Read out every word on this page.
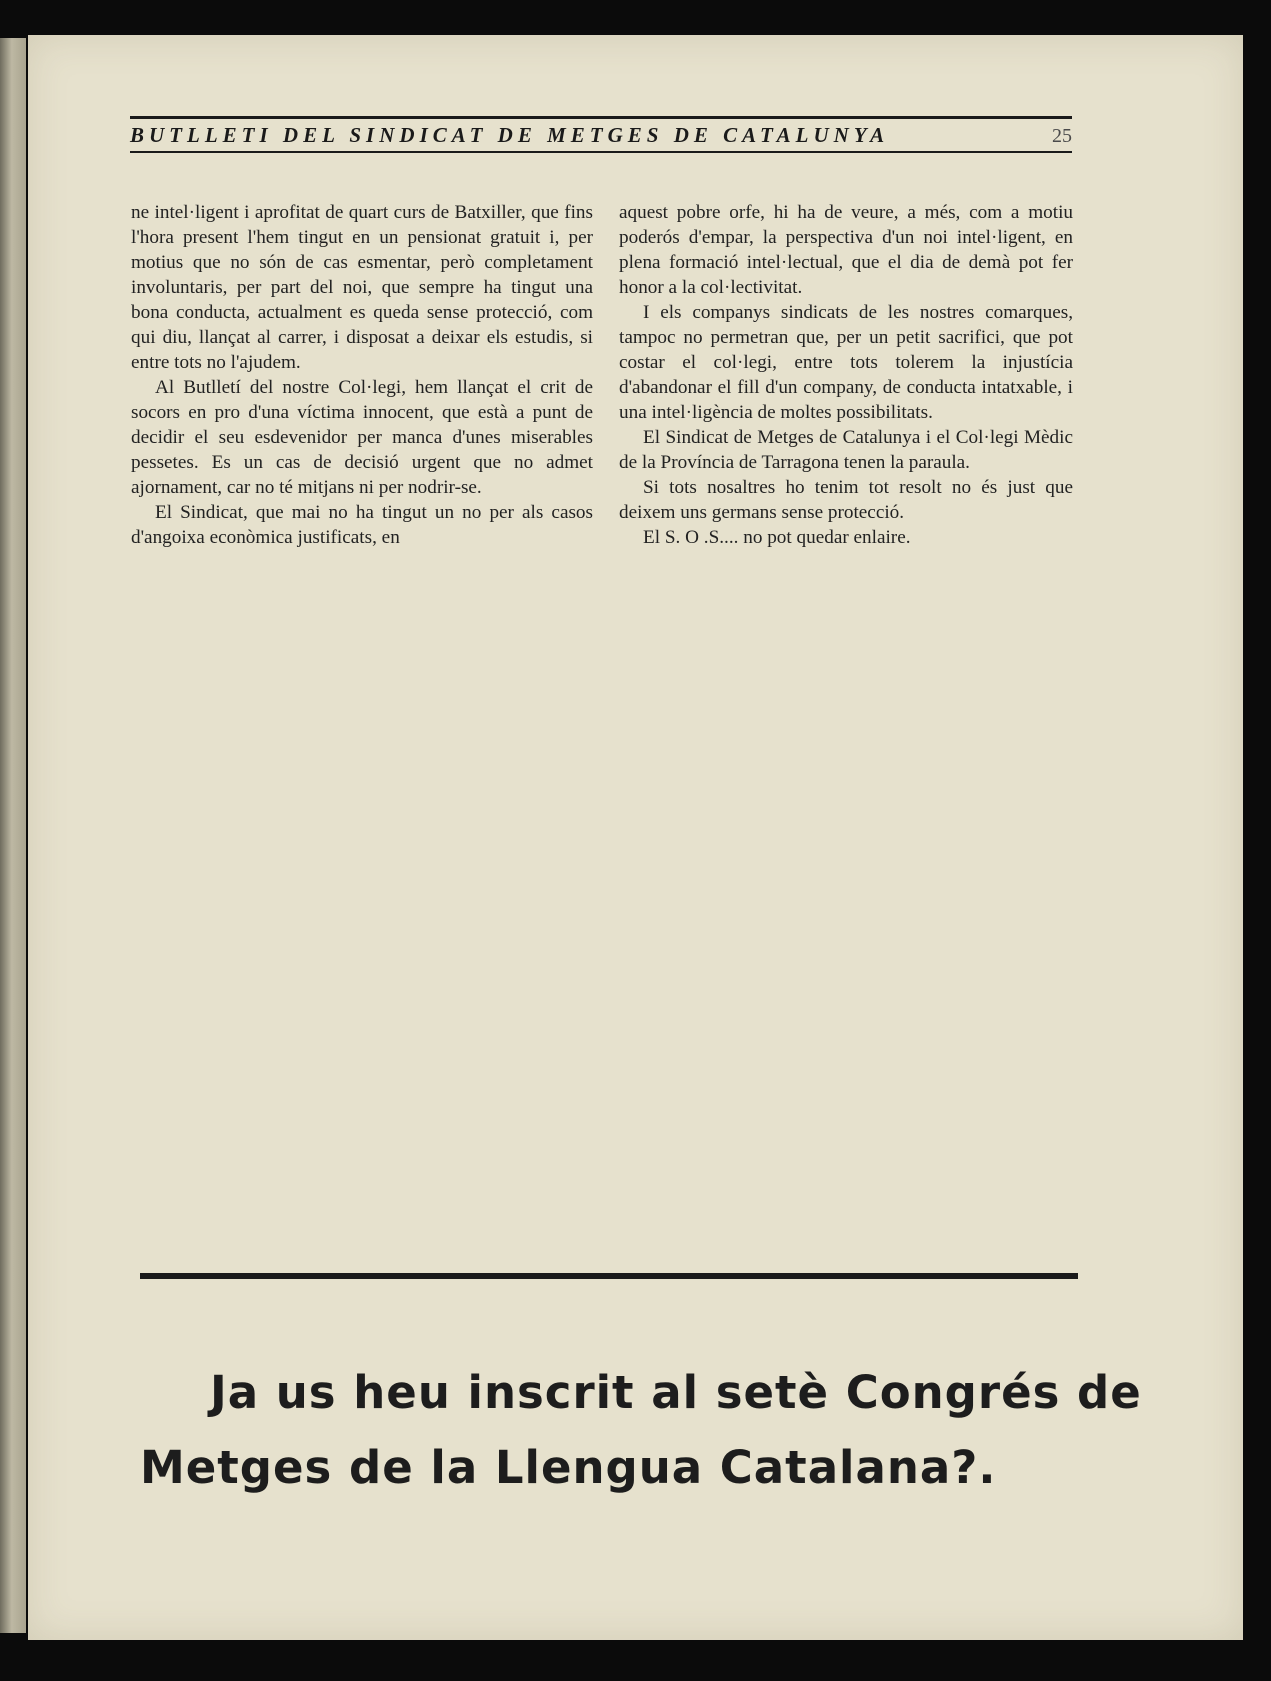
BUTLLETI DEL SINDICAT DE METGES DE CATALUNYA	25

ne intel·ligent i aprofitat de quart curs de Batxiller, que fins l'hora present l'hem tingut en un pensionat gratuit i, per motius que no són de cas esmentar, però completament involuntaris, per part del noi, que sempre ha tingut una bona conducta, actualment es queda sense protecció, com qui diu, llançat al carrer, i disposat a deixar els estudis, si entre tots no l'ajudem.

Al Butlletí del nostre Col·legi, hem llançat el crit de socors en pro d'una víctima innocent, que està a punt de decidir el seu esdevenidor per manca d'unes miserables pessetes. Es un cas de decisió urgent que no admet ajornament, car no té mitjans ni per nodrir-se.

El Sindicat, que mai no ha tingut un no per als casos d'angoixa econòmica justificats, en

aquest pobre orfe, hi ha de veure, a més, com a motiu poderós d'empar, la perspectiva d'un noi intel·ligent, en plena formació intel·lectual, que el dia de demà pot fer honor a la col·lectivitat.

I els companys sindicats de les nostres comarques, tampoc no permetran que, per un petit sacrifici, que pot costar el col·legi, entre tots tolerem la injustícia d'abandonar el fill d'un company, de conducta intatxable, i una intel·ligència de moltes possibilitats.

El Sindicat de Metges de Catalunya i el Col·legi Mèdic de la Província de Tarragona tenen la paraula.

Si tots nosaltres ho tenim tot resolt no és just que deixem uns germans sense protecció.

El S. O .S.... no pot quedar enlaire.

Ja us heu inscrit al setè Congrés de
Metges de la Llengua Catalana?.
